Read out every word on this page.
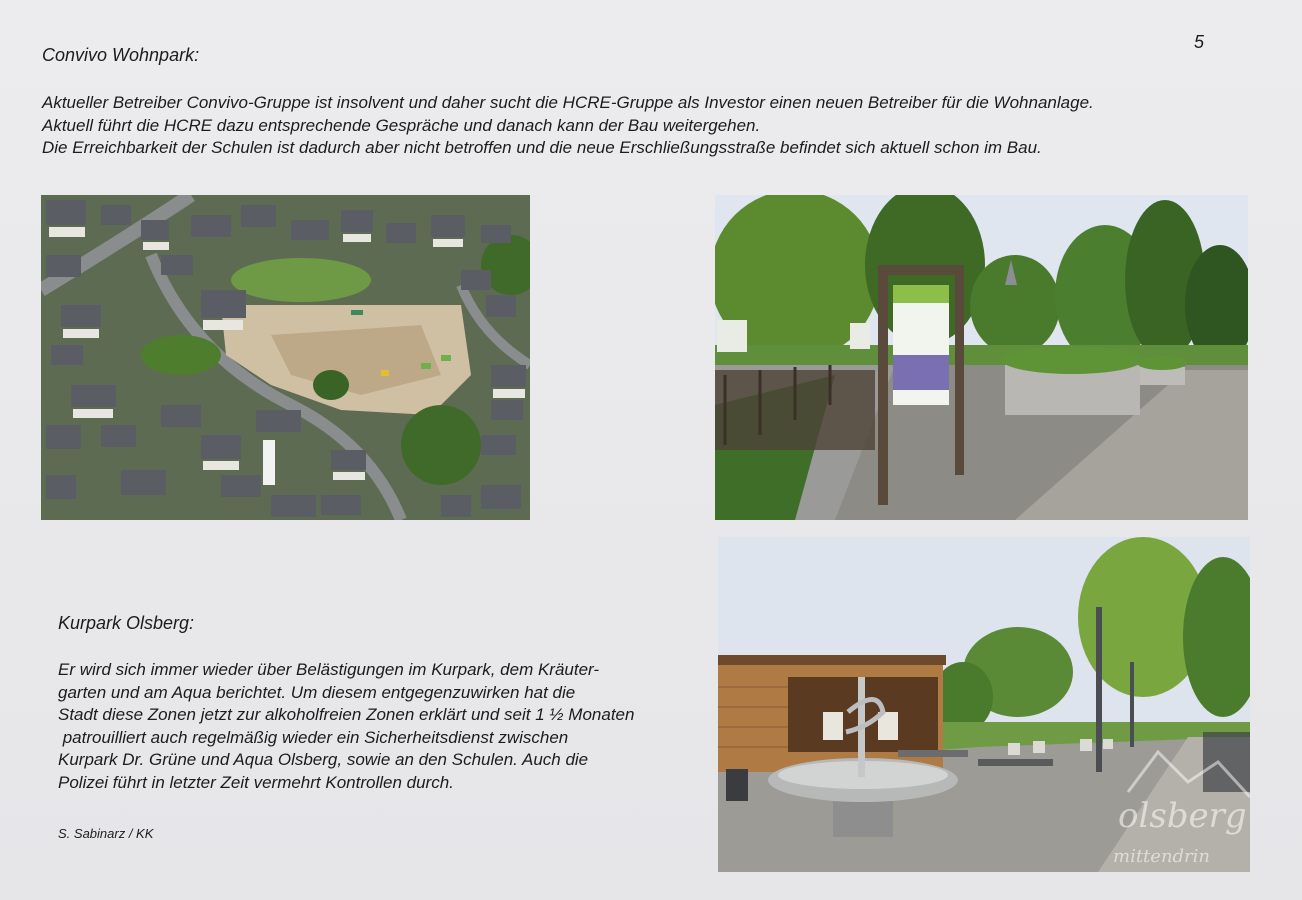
5
Convivo Wohnpark:
Aktueller Betreiber Convivo-Gruppe ist insolvent und daher sucht die HCRE-Gruppe als Investor einen neuen Betreiber für die Wohnanlage.
Aktuell führt die HCRE dazu entsprechende Gespräche und danach kann der Bau weitergehen.
Die Erreichbarkeit der Schulen ist dadurch aber nicht betroffen und die neue Erschließungsstraße befindet sich aktuell schon im Bau.
olsberg
mittendrin
Kurpark Olsberg:
Er wird sich immer wieder über Belästigungen im Kurpark, dem Kräuter-
garten und am Aqua berichtet. Um diesem entgegenzuwirken hat die
Stadt diese Zonen jetzt zur alkoholfreien Zonen erklärt und seit 1 ½ Monaten
patrouilliert auch regelmäßig wieder ein Sicherheitsdienst zwischen
Kurpark Dr. Grüne und Aqua Olsberg, sowie an den Schulen. Auch die
Polizei führt in letzter Zeit vermehrt Kontrollen durch.
S. Sabinarz / KK
